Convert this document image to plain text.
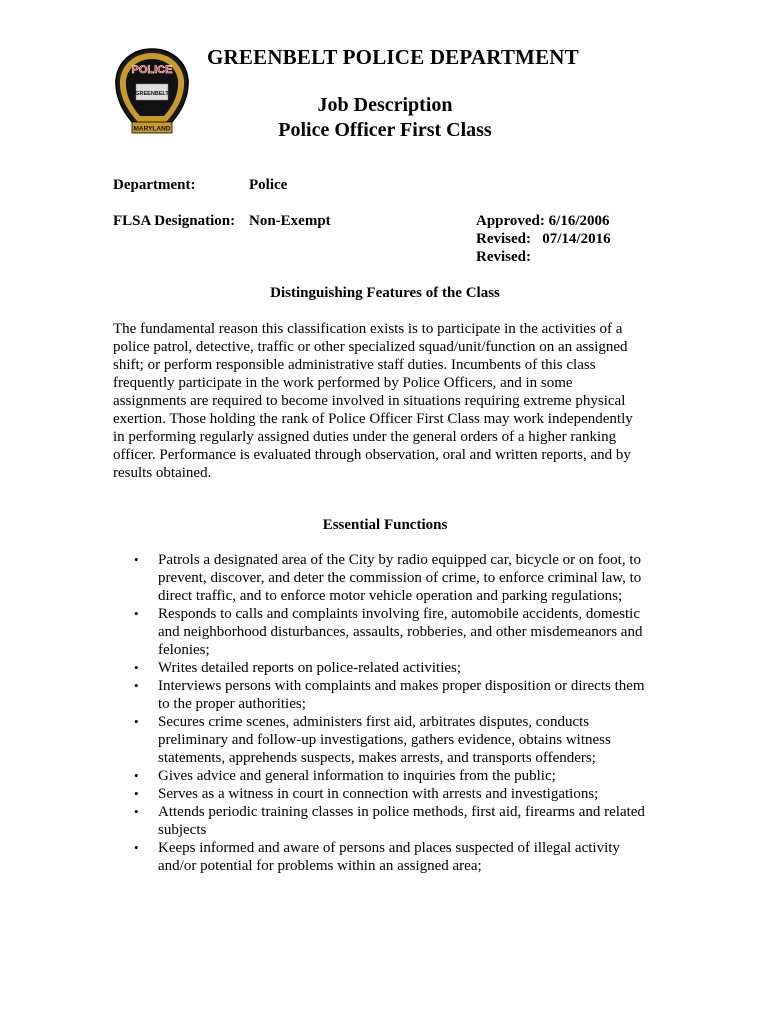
POLICE
GREENBELT
MARYLAND
GREENBELT POLICE DEPARTMENT
Job Description
Police Officer First Class
Department:	Police
FLSA Designation: Non-Exempt	Approved: 6/16/2006
Revised:   07/14/2016
Revised:
Distinguishing Features of the Class

The fundamental reason this classification exists is to participate in the activities of a police patrol, detective, traffic or other specialized squad/unit/function on an assigned shift; or perform responsible administrative staff duties. Incumbents of this class frequently participate in the work performed by Police Officers, and in some assignments are required to become involved in situations requiring extreme physical exertion. Those holding the rank of Police Officer First Class may work independently in performing regularly assigned duties under the general orders of a higher ranking officer. Performance is evaluated through observation, oral and written reports, and by results obtained.

Essential Functions
• Patrols a designated area of the City by radio equipped car, bicycle or on foot, to prevent, discover, and deter the commission of crime, to enforce criminal law, to direct traffic, and to enforce motor vehicle operation and parking regulations;
• Responds to calls and complaints involving fire, automobile accidents, domestic and neighborhood disturbances, assaults, robberies, and other misdemeanors and felonies;
• Writes detailed reports on police-related activities;
• Interviews persons with complaints and makes proper disposition or directs them to the proper authorities;
• Secures crime scenes, administers first aid, arbitrates disputes, conducts preliminary and follow-up investigations, gathers evidence, obtains witness statements, apprehends suspects, makes arrests, and transports offenders;
• Gives advice and general information to inquiries from the public;
• Serves as a witness in court in connection with arrests and investigations;
• Attends periodic training classes in police methods, first aid, firearms and related subjects
• Keeps informed and aware of persons and places suspected of illegal activity and/or potential for problems within an assigned area;
